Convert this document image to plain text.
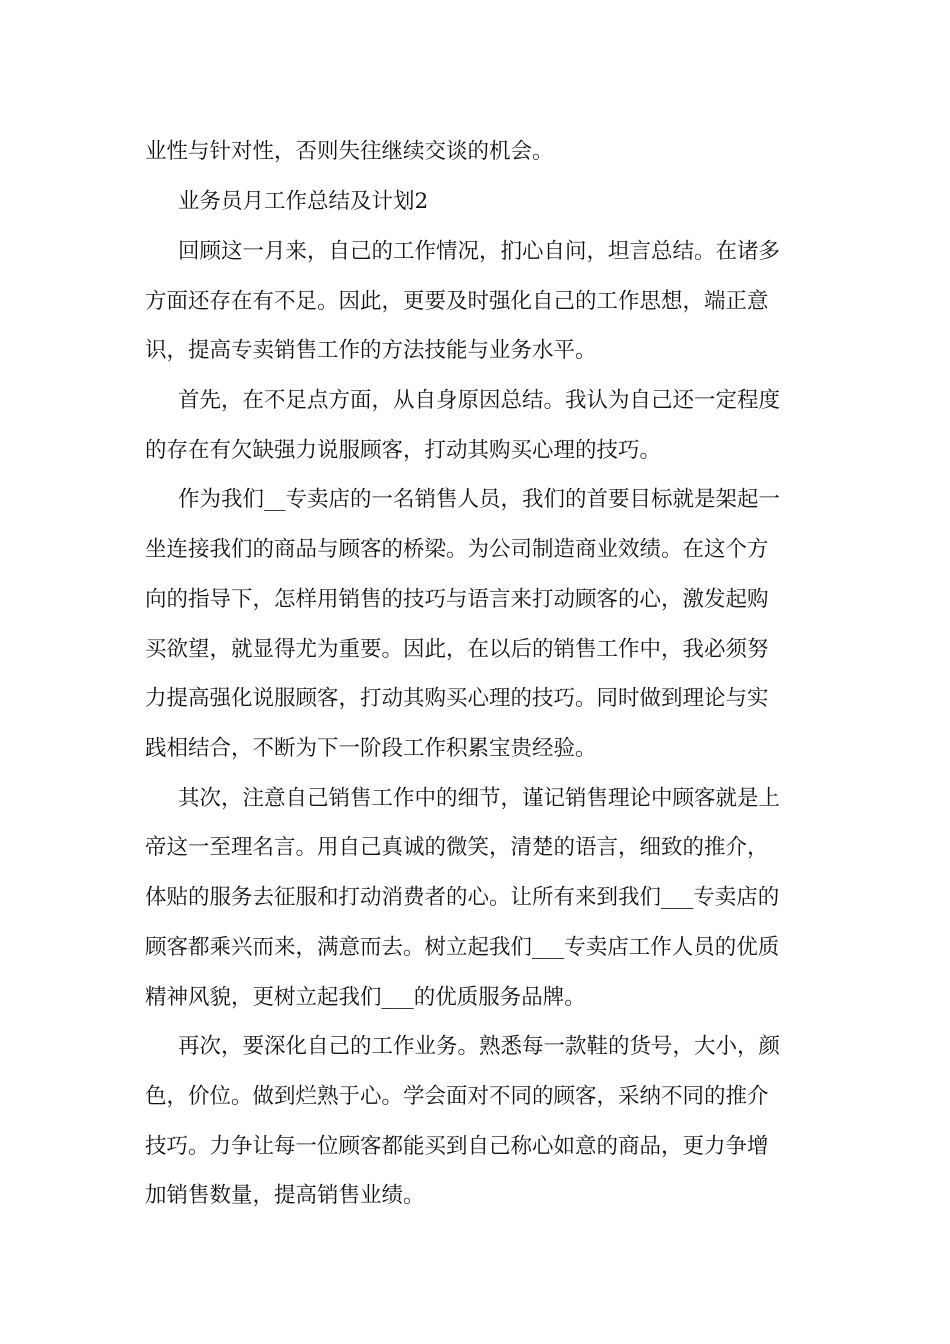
业性与针对性，否则失往继续交谈的机会。
业务员月工作总结及计划2
回顾这一月来，自己的工作情况，扪心自问，坦言总结。在诸多
方面还存在有不足。因此，更要及时强化自己的工作思想，端正意
识，提高专卖销售工作的方法技能与业务水平。
首先，在不足点方面，从自身原因总结。我认为自己还一定程度
的存在有欠缺强力说服顾客，打动其购买心理的技巧。
作为我们__专卖店的一名销售人员，我们的首要目标就是架起一
坐连接我们的商品与顾客的桥梁。为公司制造商业效绩。在这个方
向的指导下，怎样用销售的技巧与语言来打动顾客的心，激发起购
买欲望，就显得尤为重要。因此，在以后的销售工作中，我必须努
力提高强化说服顾客，打动其购买心理的技巧。同时做到理论与实
践相结合，不断为下一阶段工作积累宝贵经验。
其次，注意自己销售工作中的细节，谨记销售理论中顾客就是上
帝这一至理名言。用自己真诚的微笑，清楚的语言，细致的推介，
体贴的服务去征服和打动消费者的心。让所有来到我们___专卖店的
顾客都乘兴而来，满意而去。树立起我们___专卖店工作人员的优质
精神风貌，更树立起我们___的优质服务品牌。
再次，要深化自己的工作业务。熟悉每一款鞋的货号，大小，颜
色，价位。做到烂熟于心。学会面对不同的顾客，采纳不同的推介
技巧。力争让每一位顾客都能买到自己称心如意的商品，更力争增
加销售数量，提高销售业绩。
